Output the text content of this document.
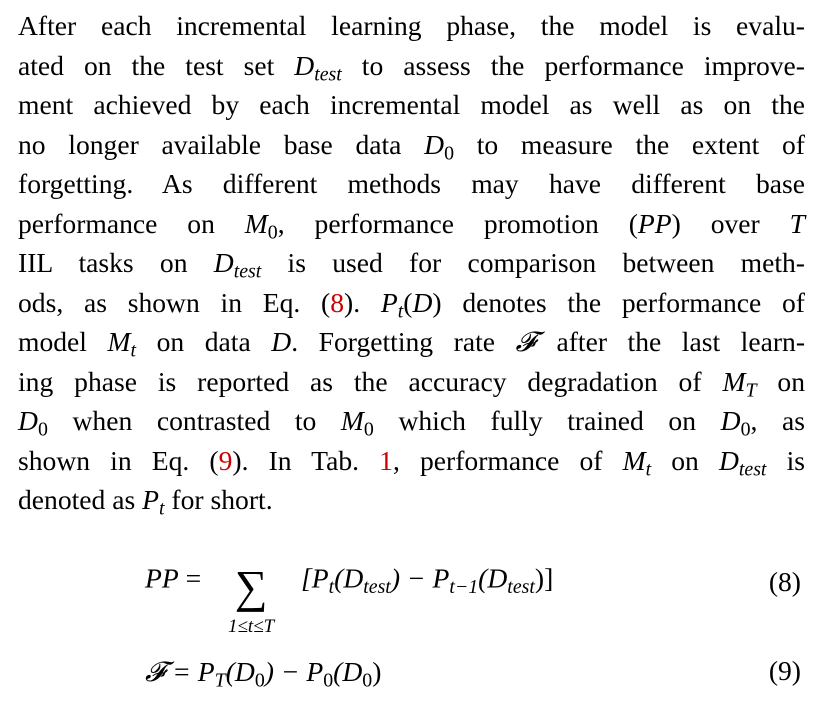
After each incremental learning phase, the model is evalu-
ated on the test set $D_{test}$ to assess the performance improve-
ment achieved by each incremental model as well as on the
no longer available base data $D_0$ to measure the extent of
forgetting. As different methods may have different base
performance on $M_0$, performance promotion (PP) over T
IIL tasks on $D_{test}$ is used for comparison between meth-
ods, as shown in Eq. (8). $P_t(D)$ denotes the performance of
model $M_t$ on data D. Forgetting rate 𝓕 after the last learn-
ing phase is reported as the accuracy degradation of $M_T$ on
$D_0$ when contrasted to $M_0$ which fully trained on $D_0$, as
shown in Eq. (9). In Tab. 1, performance of $M_t$ on $D_{test}$ is
denoted as $P_t$ for short.
PP = ∑
1≤t≤T
$[P_t(D_{test}) - P_{t-1}(D_{test})]$	(8)
𝓕 = $P_T(D_0) - P_0(D_0)$	(9)
